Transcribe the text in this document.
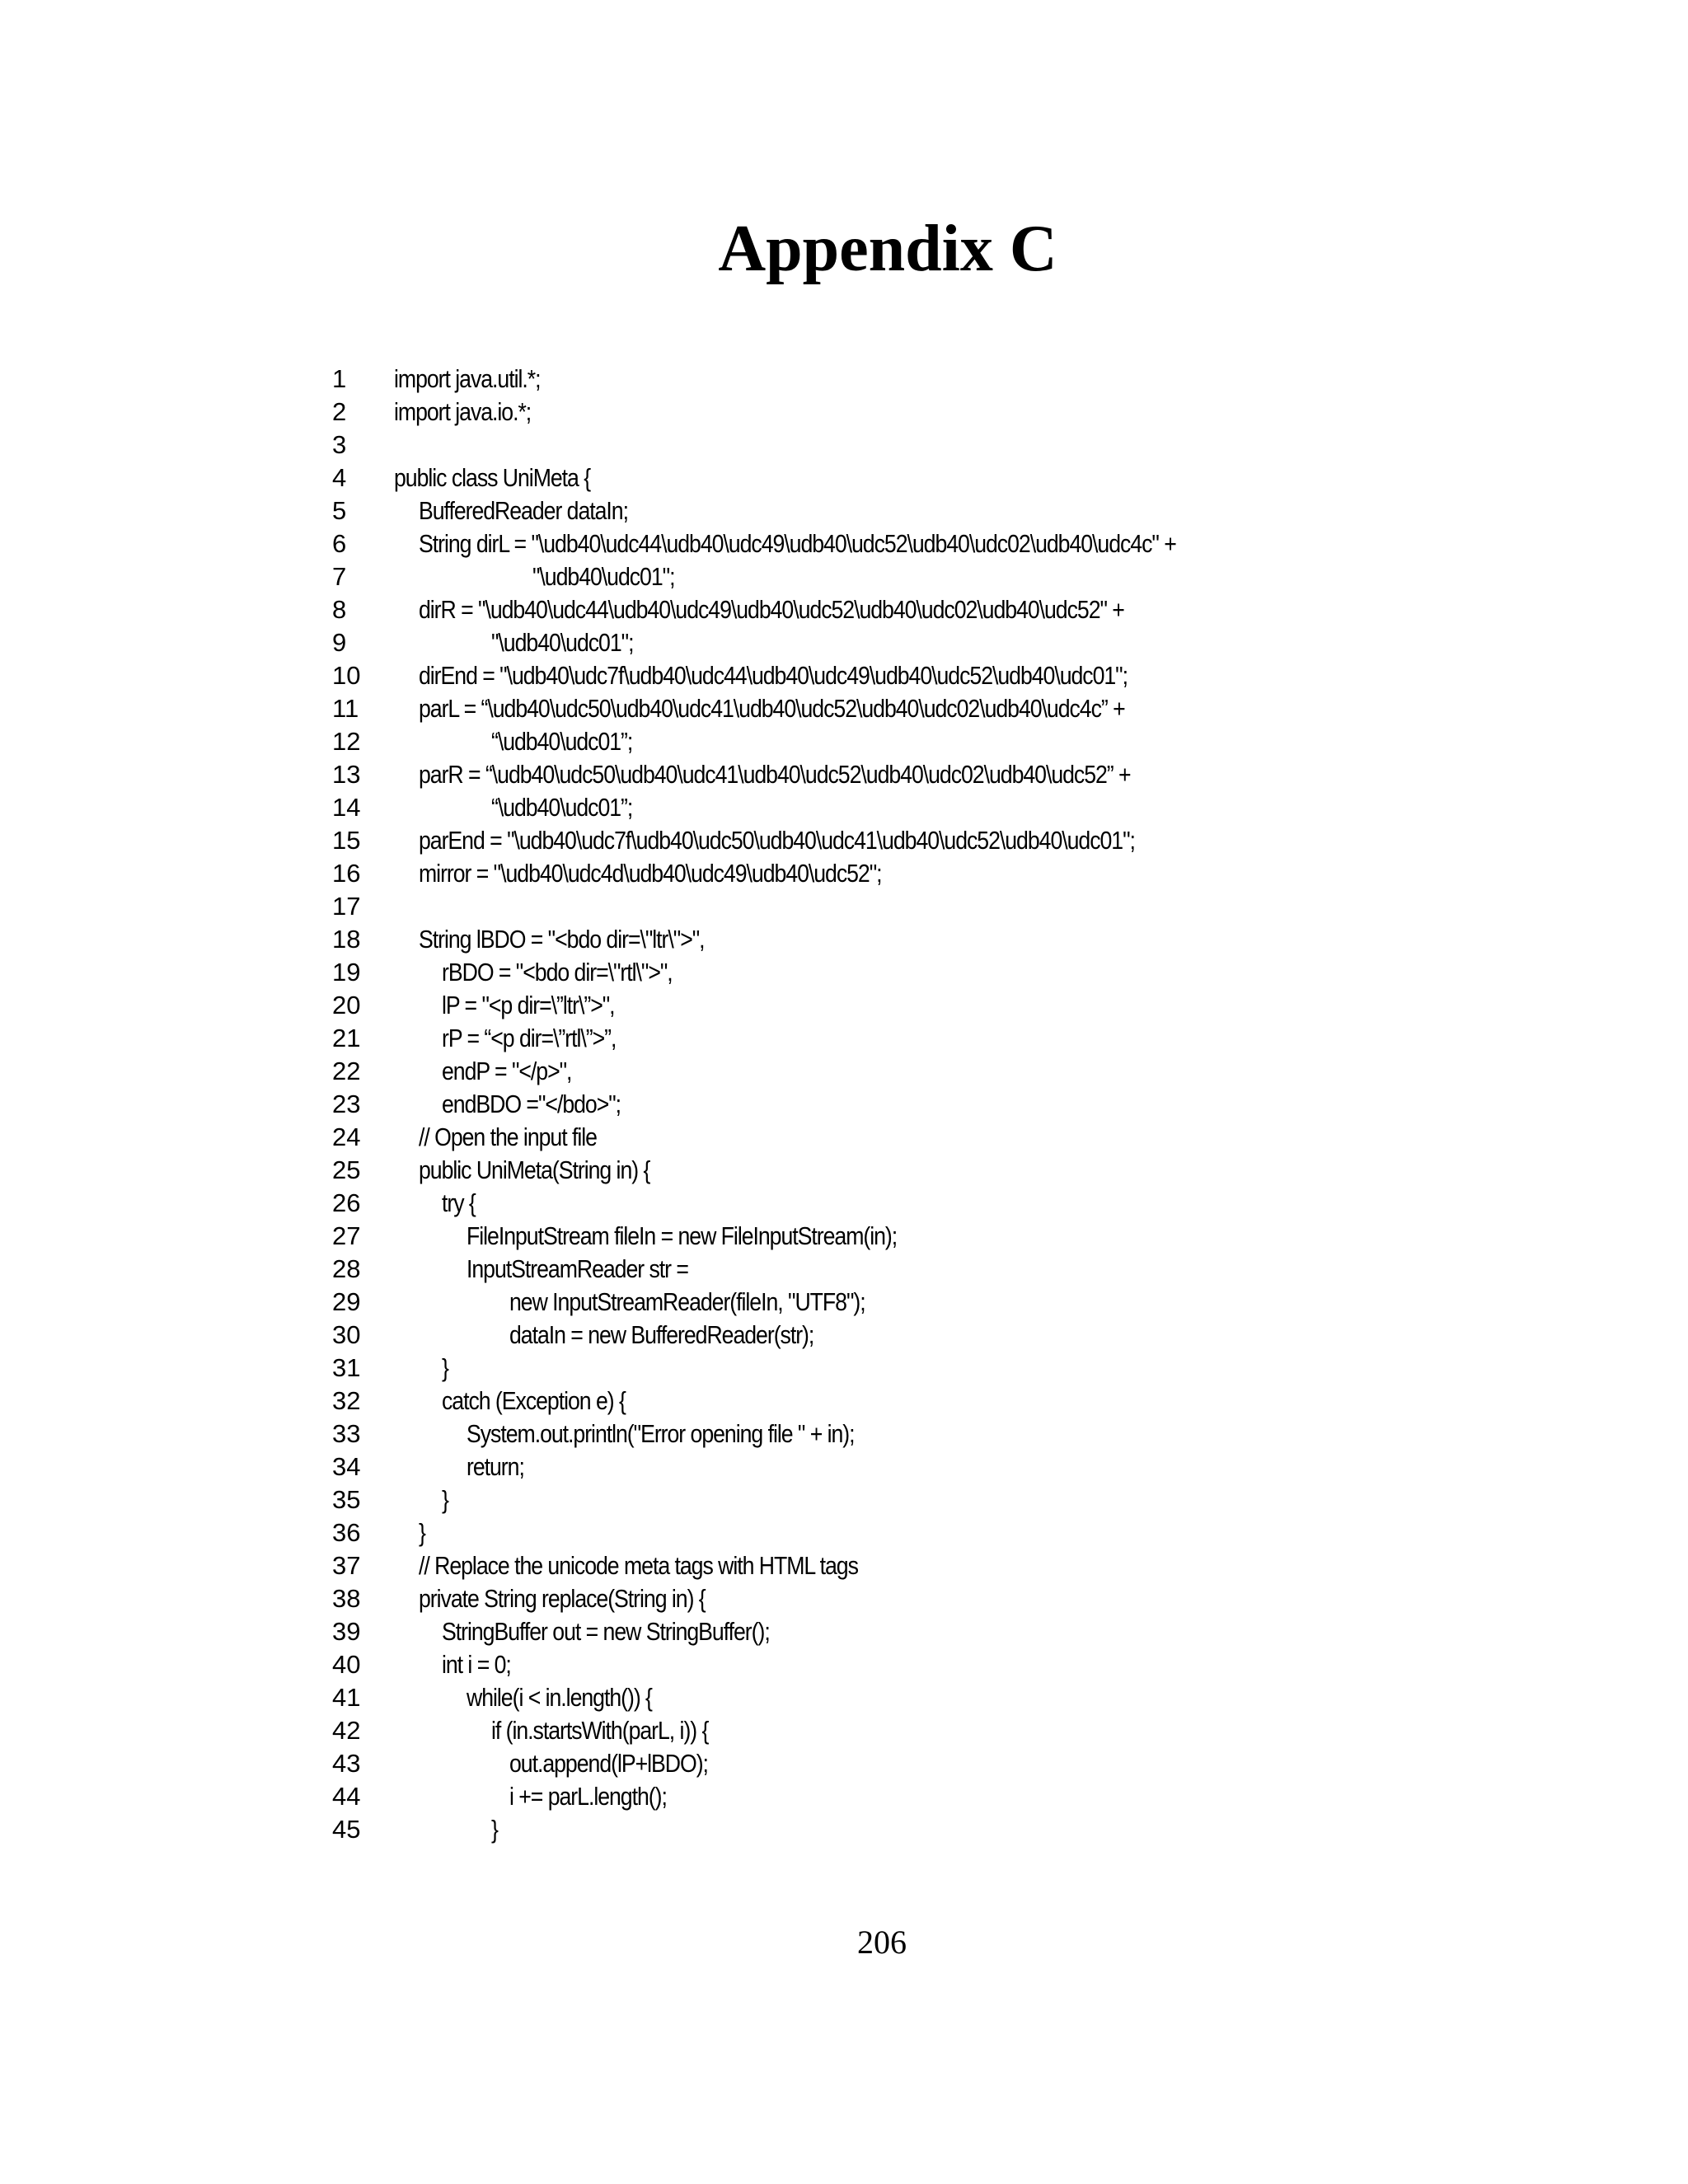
Appendix C
1	import java.util.*;
2	import java.io.*;
3
4	public class UniMeta {
5	BufferedReader dataIn;
6	String dirL = "\udb40\udc44\udb40\udc49\udb40\udc52\udb40\udc02\udb40\udc4c" +
7	"\udb40\udc01";
8	dirR = "\udb40\udc44\udb40\udc49\udb40\udc52\udb40\udc02\udb40\udc52" +
9	"\udb40\udc01";
10	dirEnd = "\udb40\udc7f\udb40\udc44\udb40\udc49\udb40\udc52\udb40\udc01";
11	parL = “\udb40\udc50\udb40\udc41\udb40\udc52\udb40\udc02\udb40\udc4c” +
12	“\udb40\udc01”;
13	parR = “\udb40\udc50\udb40\udc41\udb40\udc52\udb40\udc02\udb40\udc52” +
14	“\udb40\udc01”;
15	parEnd = "\udb40\udc7f\udb40\udc50\udb40\udc41\udb40\udc52\udb40\udc01";
16	mirror = "\udb40\udc4d\udb40\udc49\udb40\udc52";
17
18	String lBDO = "<bdo dir=\"ltr\">",
19	rBDO = "<bdo dir=\"rtl\">",
20	lP = "<p dir=\”ltr\”>",
21	rP = “<p dir=\”rtl\”>”,
22	endP = "</p>",
23	endBDO ="</bdo>";
24	// Open the input file
25	public UniMeta(String in) {
26	try {
27	FileInputStream fileIn = new FileInputStream(in);
28	InputStreamReader str =
29	new InputStreamReader(fileIn, "UTF8");
30	dataIn = new BufferedReader(str);
31	}
32	catch (Exception e) {
33	System.out.println("Error opening file " + in);
34	return;
35	}
36	}
37	// Replace the unicode meta tags with HTML tags
38	private String replace(String in) {
39	StringBuffer out = new StringBuffer();
40	int i = 0;
41	while(i < in.length()) {
42	if (in.startsWith(parL, i)) {
43	out.append(lP+lBDO);
44	i += parL.length();
45	}
206
